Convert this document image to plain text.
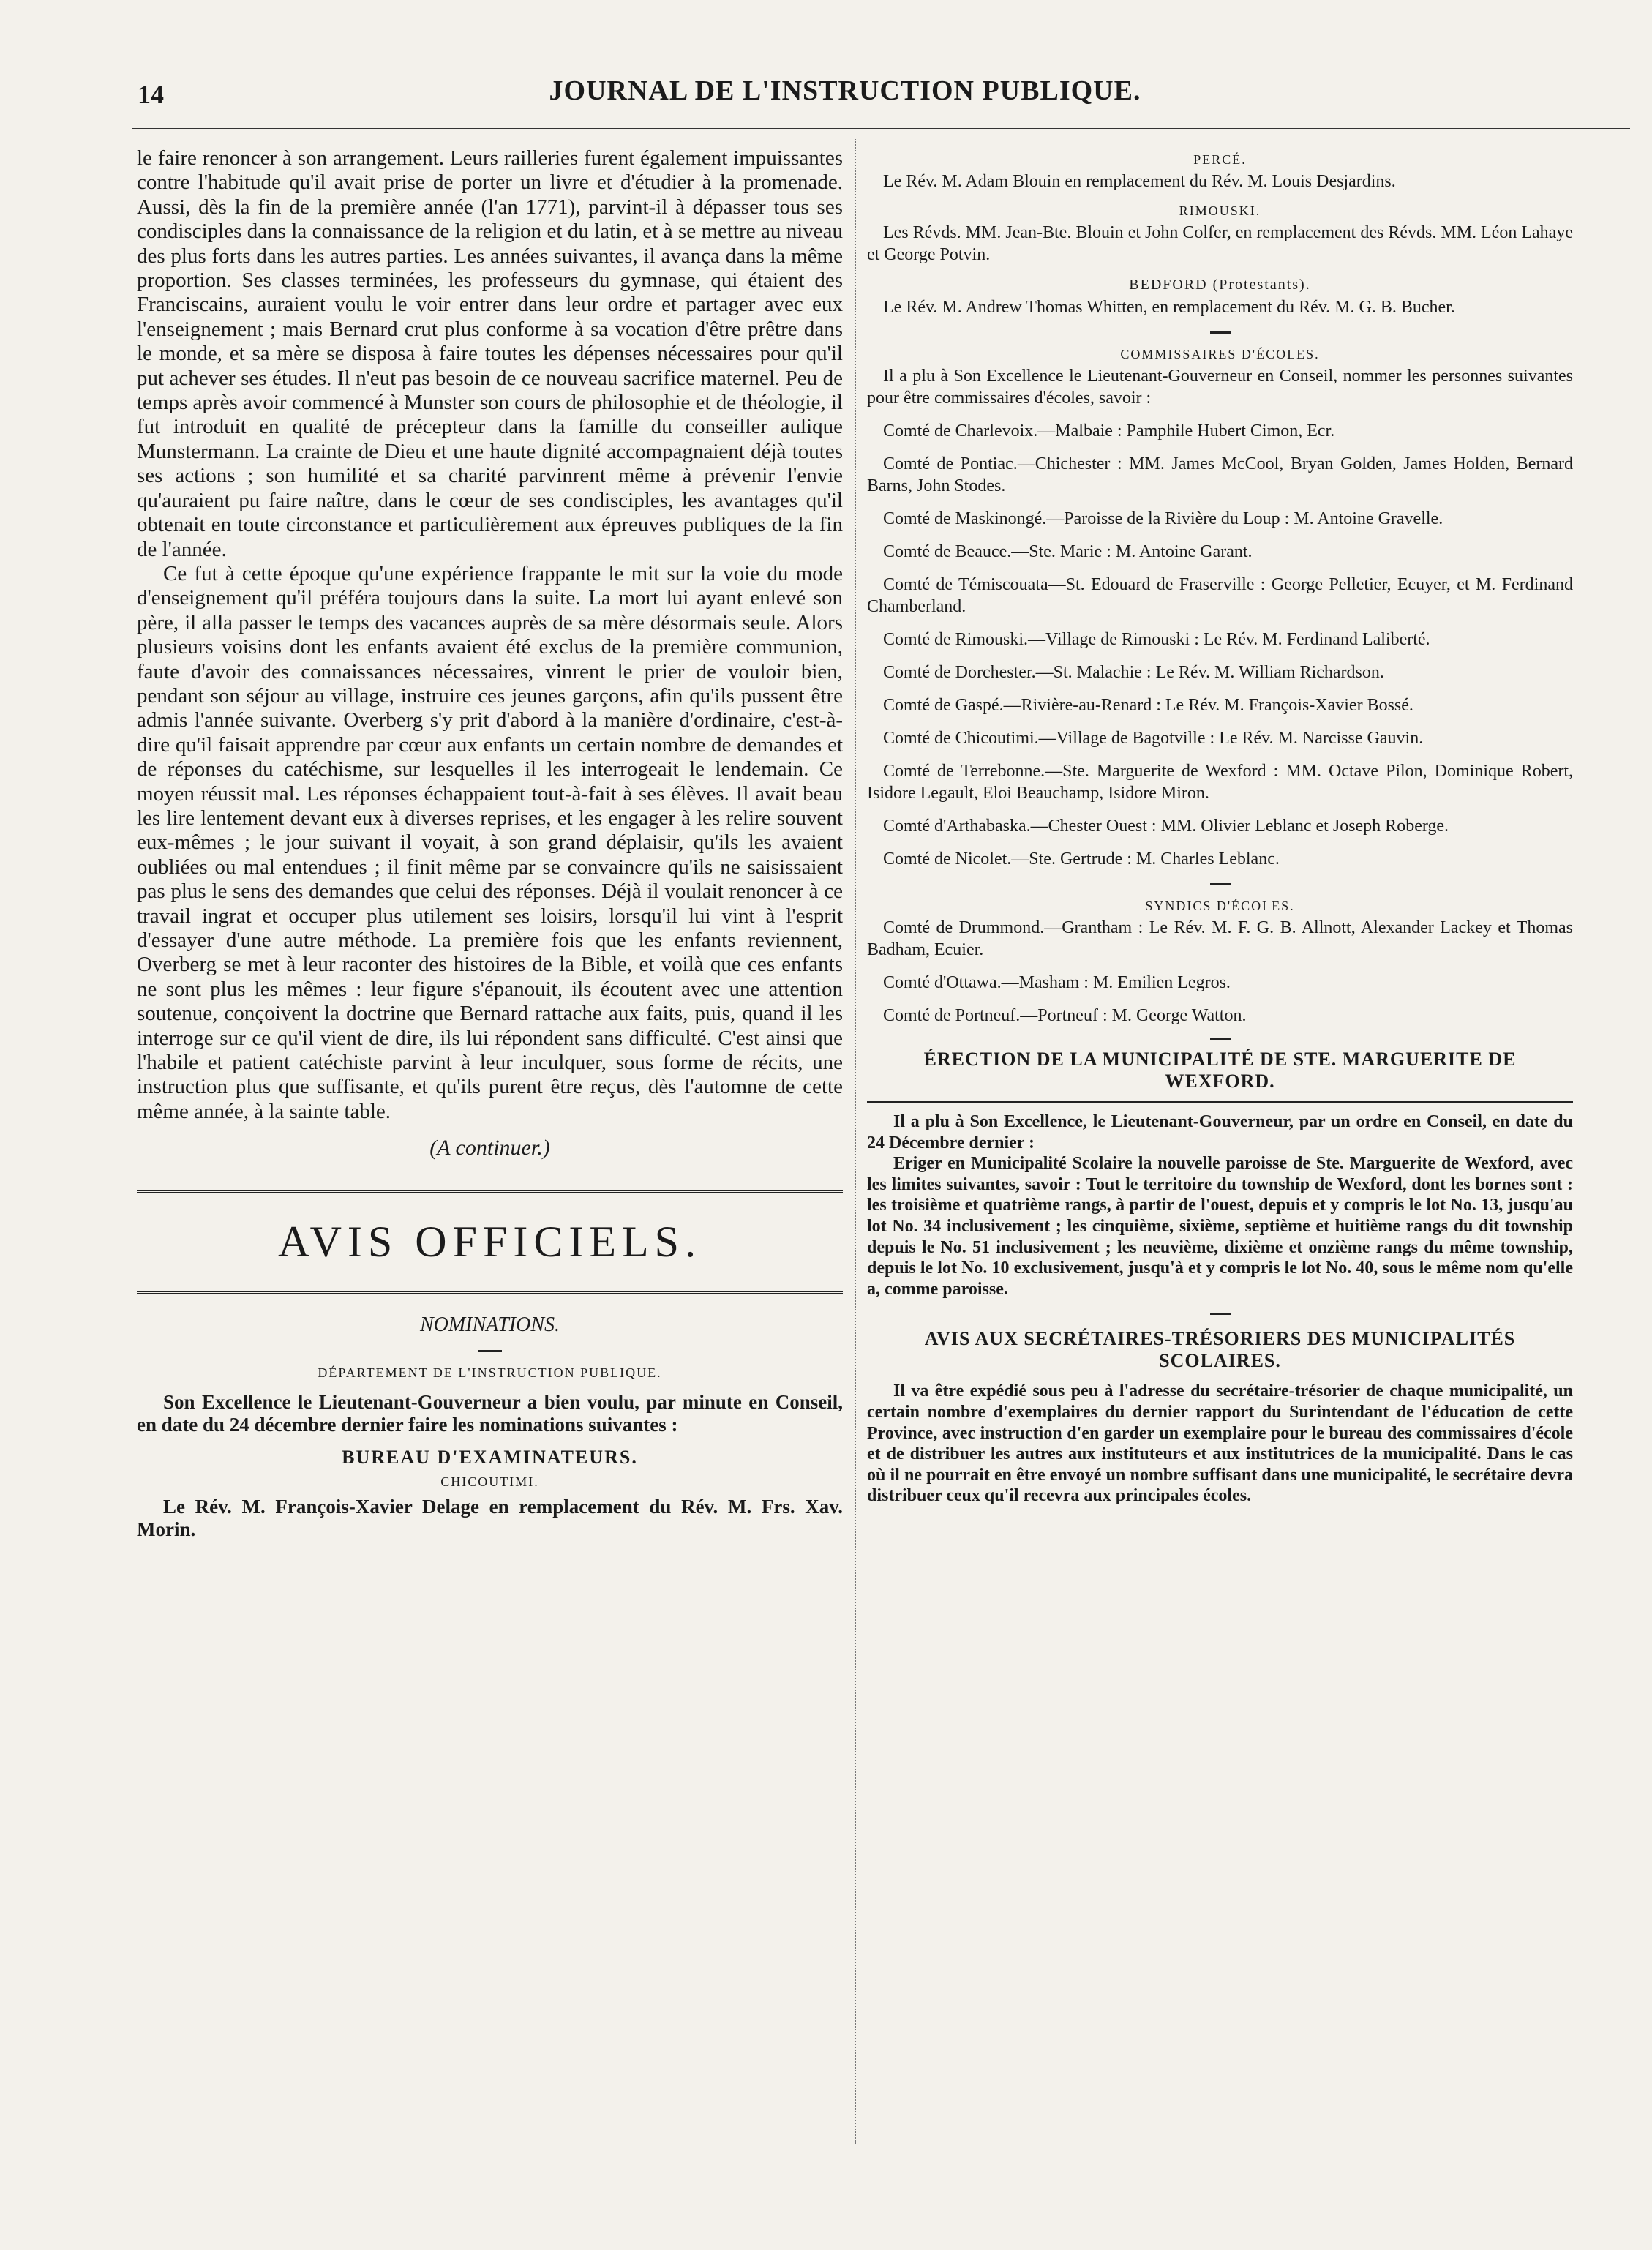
14	JOURNAL DE L'INSTRUCTION PUBLIQUE.

le faire renoncer à son arrangement. Leurs railleries furent également impuissantes contre l'habitude qu'il avait prise de porter un livre et d'étudier à la promenade. Aussi, dès la fin de la première année (l'an 1771), parvint-il à dépasser tous ses condisciples dans la connaissance de la religion et du latin, et à se mettre au niveau des plus forts dans les autres parties. Les années suivantes, il avança dans la même proportion. Ses classes terminées, les professeurs du gymnase, qui étaient des Franciscains, auraient voulu le voir entrer dans leur ordre et partager avec eux l'enseignement ; mais Bernard crut plus conforme à sa vocation d'être prêtre dans le monde, et sa mère se disposa à faire toutes les dépenses nécessaires pour qu'il put achever ses études. Il n'eut pas besoin de ce nouveau sacrifice maternel. Peu de temps après avoir commencé à Munster son cours de philosophie et de théologie, il fut introduit en qualité de précepteur dans la famille du conseiller aulique Munstermann. La crainte de Dieu et une haute dignité accompagnaient déjà toutes ses actions ; son humilité et sa charité parvinrent même à prévenir l'envie qu'auraient pu faire naître, dans le cœur de ses condisciples, les avantages qu'il obtenait en toute circonstance et particulièrement aux épreuves publiques de la fin de l'année.

Ce fut à cette époque qu'une expérience frappante le mit sur la voie du mode d'enseignement qu'il préféra toujours dans la suite. La mort lui ayant enlevé son père, il alla passer le temps des vacances auprès de sa mère désormais seule. Alors plusieurs voisins dont les enfants avaient été exclus de la première communion, faute d'avoir des connaissances nécessaires, vinrent le prier de vouloir bien, pendant son séjour au village, instruire ces jeunes garçons, afin qu'ils pussent être admis l'année suivante. Overberg s'y prit d'abord à la manière d'ordinaire, c'est-à-dire qu'il faisait apprendre par cœur aux enfants un certain nombre de demandes et de réponses du catéchisme, sur lesquelles il les interrogeait le lendemain. Ce moyen réussit mal. Les réponses échappaient tout-à-fait à ses élèves. Il avait beau les lire lentement devant eux à diverses reprises, et les engager à les relire souvent eux-mêmes ; le jour suivant il voyait, à son grand déplaisir, qu'ils les avaient oubliées ou mal entendues ; il finit même par se convaincre qu'ils ne saisissaient pas plus le sens des demandes que celui des réponses. Déjà il voulait renoncer à ce travail ingrat et occuper plus utilement ses loisirs, lorsqu'il lui vint à l'esprit d'essayer d'une autre méthode. La première fois que les enfants reviennent, Overberg se met à leur raconter des histoires de la Bible, et voilà que ces enfants ne sont plus les mêmes : leur figure s'épanouit, ils écoutent avec une attention soutenue, conçoivent la doctrine que Bernard rattache aux faits, puis, quand il les interroge sur ce qu'il vient de dire, ils lui répondent sans difficulté. C'est ainsi que l'habile et patient catéchiste parvint à leur inculquer, sous forme de récits, une instruction plus que suffisante, et qu'ils purent être reçus, dès l'automne de cette même année, à la sainte table.

(A continuer.)
AVIS OFFICIELS.
NOMINATIONS.
DÉPARTEMENT DE L'INSTRUCTION PUBLIQUE.

Son Excellence le Lieutenant-Gouverneur a bien voulu, par minute en Conseil, en date du 24 décembre dernier faire les nominations suivantes :

BUREAU D'EXAMINATEURS.
CHICOUTIMI.

Le Rév. M. François-Xavier Delage en remplacement du Rév. M. Frs. Xav. Morin.

PERCÉ.

Le Rév. M. Adam Blouin en remplacement du Rév. M. Louis Desjardins.

RIMOUSKI.

Les Révds. MM. Jean-Bte. Blouin et John Colfer, en remplacement des Révds. MM. Léon Lahaye et George Potvin.

BEDFORD (Protestants).

Le Rév. M. Andrew Thomas Whitten, en remplacement du Rév. M. G. B. Bucher.

COMMISSAIRES D'ÉCOLES.

Il a plu à Son Excellence le Lieutenant-Gouverneur en Conseil, nommer les personnes suivantes pour être commissaires d'écoles, savoir :

Comté de Charlevoix.—Malbaie : Pamphile Hubert Cimon, Ecr.

Comté de Pontiac.—Chichester : MM. James McCool, Bryan Golden, James Holden, Bernard Barns, John Stodes.

Comté de Maskinongé.—Paroisse de la Rivière du Loup : M. Antoine Gravelle.

Comté de Beauce.—Ste. Marie : M. Antoine Garant.

Comté de Témiscouata—St. Edouard de Fraserville : George Pelletier, Ecuyer, et M. Ferdinand Chamberland.

Comté de Rimouski.—Village de Rimouski : Le Rév. M. Ferdinand Laliberté.

Comté de Dorchester.—St. Malachie : Le Rév. M. William Richardson.

Comté de Gaspé.—Rivière-au-Renard : Le Rév. M. François-Xavier Bossé.

Comté de Chicoutimi.—Village de Bagotville : Le Rév. M. Narcisse Gauvin.

Comté de Terrebonne.—Ste. Marguerite de Wexford : MM. Octave Pilon, Dominique Robert, Isidore Legault, Eloi Beauchamp, Isidore Miron.

Comté d'Arthabaska.—Chester Ouest : MM. Olivier Leblanc et Joseph Roberge.

Comté de Nicolet.—Ste. Gertrude : M. Charles Leblanc.

SYNDICS D'ÉCOLES.

Comté de Drummond.—Grantham : Le Rév. M. F. G. B. Allnott, Alexander Lackey et Thomas Badham, Ecuier.

Comté d'Ottawa.—Masham : M. Emilien Legros.

Comté de Portneuf.—Portneuf : M. George Watton.

ÉRECTION DE LA MUNICIPALITÉ DE STE. MARGUERITE DE WEXFORD.

Il a plu à Son Excellence, le Lieutenant-Gouverneur, par un ordre en Conseil, en date du 24 Décembre dernier :

Eriger en Municipalité Scolaire la nouvelle paroisse de Ste. Marguerite de Wexford, avec les limites suivantes, savoir : Tout le territoire du township de Wexford, dont les bornes sont : les troisième et quatrième rangs, à partir de l'ouest, depuis et y compris le lot No. 13, jusqu'au lot No. 34 inclusivement ; les cinquième, sixième, septième et huitième rangs du dit township depuis le No. 51 inclusivement ; les neuvième, dixième et onzième rangs du même township, depuis le lot No. 10 exclusivement, jusqu'à et y compris le lot No. 40, sous le même nom qu'elle a, comme paroisse.

AVIS AUX SECRÉTAIRES-TRÉSORIERS DES MUNICIPALITÉS SCOLAIRES.

Il va être expédié sous peu à l'adresse du secrétaire-trésorier de chaque municipalité, un certain nombre d'exemplaires du dernier rapport du Surintendant de l'éducation de cette Province, avec instruction d'en garder un exemplaire pour le bureau des commissaires d'école et de distribuer les autres aux instituteurs et aux institutrices de la municipalité. Dans le cas où il ne pourrait en être envoyé un nombre suffisant dans une municipalité, le secrétaire devra distribuer ceux qu'il recevra aux principales écoles.
